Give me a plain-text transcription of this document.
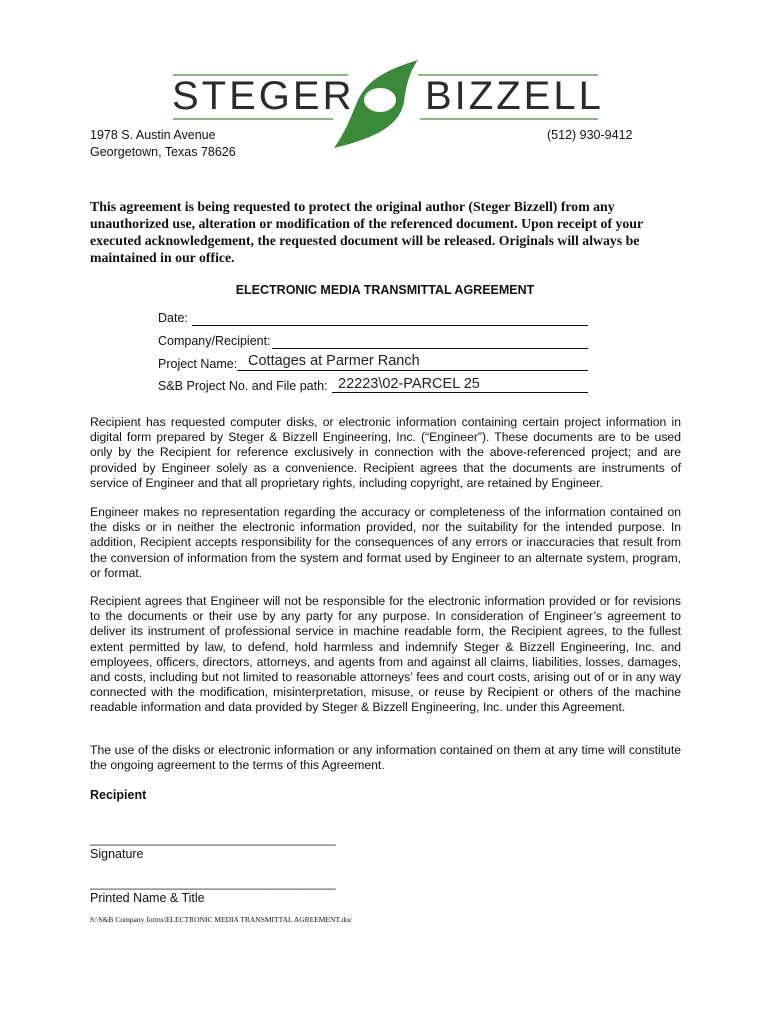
STEGER BIZZELL
1978 S. Austin Avenue
Georgetown, Texas 78626
(512) 930-9412
This agreement is being requested to protect the original author (Steger Bizzell) from any unauthorized use, alteration or modification of the referenced document. Upon receipt of your executed acknowledgement, the requested document will be released. Originals will always be maintained in our office.
ELECTRONIC MEDIA TRANSMITTAL AGREEMENT
Date:
Company/Recipient:
Project Name: Cottages at Parmer Ranch
S&B Project No. and File path: 22223\02-PARCEL 25

Recipient has requested computer disks, or electronic information containing certain project information in digital form prepared by Steger & Bizzell Engineering, Inc. (“Engineer”). These documents are to be used only by the Recipient for reference exclusively in connection with the above-referenced project; and are provided by Engineer solely as a convenience. Recipient agrees that the documents are instruments of service of Engineer and that all proprietary rights, including copyright, are retained by Engineer.

Engineer makes no representation regarding the accuracy or completeness of the information contained on the disks or in neither the electronic information provided, nor the suitability for the intended purpose. In addition, Recipient accepts responsibility for the consequences of any errors or inaccuracies that result from the conversion of information from the system and format used by Engineer to an alternate system, program, or format.

Recipient agrees that Engineer will not be responsible for the electronic information provided or for revisions to the documents or their use by any party for any purpose. In consideration of Engineer’s agreement to deliver its instrument of professional service in machine readable form, the Recipient agrees, to the fullest extent permitted by law, to defend, hold harmless and indemnify Steger & Bizzell Engineering, Inc. and employees, officers, directors, attorneys, and agents from and against all claims, liabilities, losses, damages, and costs, including but not limited to reasonable attorneys’ fees and court costs, arising out of or in any way connected with the modification, misinterpretation, misuse, or reuse by Recipient or others of the machine readable information and data provided by Steger & Bizzell Engineering, Inc. under this Agreement.

The use of the disks or electronic information or any information contained on them at any time will constitute the ongoing agreement to the terms of this Agreement.

Recipient
______________________________________
Signature
______________________________________
Printed Name & Title
S:\S&B Company forms\ELECTRONIC MEDIA TRANSMITTAL AGREEMENT.doc
